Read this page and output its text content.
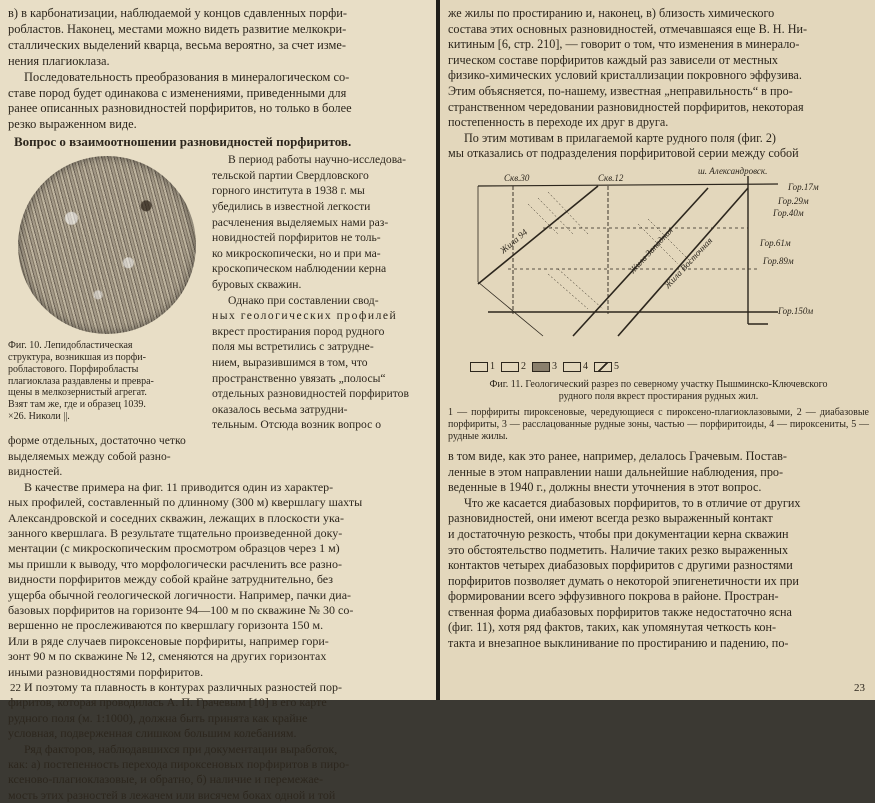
в) в карбонатизации, наблюдаемой у концов сдавленных порфи-

робластов. Наконец, местами можно видеть развитие мелкокри-

сталлических выделений кварца, весьма вероятно, за счет изме-

нения плагиоклаза.

Последовательность преобразования в минералогическом со-

ставе пород будет одинакова с изменениями, приведенными для

ранее описанных разновидностей порфиритов, но только в более

резко выраженном виде.

Вопрос о взаимоотношении разновидностей порфиритов.

Фиг. 10. Лепидобластическая

структура, возникшая из порфи-

робластового. Порфиробласты

плагиоклаза раздавлены и превра-

щены в мелкозернистый агрегат.

Взят там же, где и образец 1039.

×26. Николи ||.

В период работы научно-исследова-

тельской партии Свердловского

горного института в 1938 г. мы

убедились в известной легкости

расчленения выделяемых нами раз-

новидностей порфиритов не толь-

ко микроскопически, но и при ма-

кроскопическом наблюдении керна

буровых скважин.

Однако при составлении свод-

ных геологических профилей

вкрест простирания пород рудного

поля мы встретились с затрудне-

нием, выразившимся в том, что

пространственно увязать „полосы“

отдельных разновидностей порфиритов

оказалось весьма затрудни-

тельным. Отсюда возник вопрос о

форме отдельных, достаточно четко

выделяемых между собой разно-

видностей.

В качестве примера на фиг. 11 приводится один из характер-

ных профилей, составленный по длинному (300 м) квершлагу шахты

Александровской и соседних скважин, лежащих в плоскости ука-

занного квершлага. В результате тщательно произведенной доку-

ментации (с микроскопическим просмотром образцов через 1 м)

мы пришли к выводу, что морфологически расчленить все разно-

видности порфиритов между собой крайне затруднительно, без

ущерба обычной геологической логичности. Например, пачки диа-

базовых порфиритов на горизонте 94—100 м по скважине № 30 со-

вершенно не прослеживаются по квершлагу горизонта 150 м.

Или в ряде случаев пироксеновые порфириты, например гори-

зонт 90 м по скважине № 12, сменяются на других горизонтах

иными разновидностями порфиритов.

И поэтому та плавность в контурах различных разностей пор-

фиритов, которая проводилась А. П. Грачевым [10] в его карте

рудного поля (м. 1:1000), должна быть принята как крайне

условная, подверженная слишком большим колебаниям.

Ряд факторов, наблюдавшихся при документации выработок,

как: а) постепенность перехода пироксеновых порфиритов в пиро-

ксеново-плагиоклазовые, и обратно, б) наличие и перемежае-

мость этих разностей в лежачем или висячем боках одной и той

22

же жилы по простиранию и, наконец, в) близость химического

состава этих основных разновидностей, отмечавшаяся еще В. Н. Ни-

китиным [6, стр. 210], — говорит о том, что изменения в минерало-

гическом составе порфиритов каждый раз зависели от местных

физико-химических условий кристаллизации покровного эффузива.

Этим объясняется, по-нашему, известная „неправильность“ в про-

странственном чередовании разновидностей порфиритов, некоторая

постепенность в переходе их друг в друга.

По этим мотивам в прилагаемой карте рудного поля (фиг. 2)

мы отказались от подразделения порфиритовой серии между собой

ш. Александровск.
Скв.30	Скв.12
Гор.17м
Гор.29м
Гор.40м
Гор.61м
Гор.89м
Гор.150м
Жила 94	Жила Западная
Жила Восточная
1	2	3	4	5

Фиг. 11. Геологический разрез по северному участку Пышминско-Ключевского

рудного поля вкрест простирания рудных жил.

1 — порфириты пироксеновые, чередующиеся с пироксено-плагиоклазовыми, 2 — диабазовые порфириты, 3 — расслацованные рудные зоны, частью — порфиритоиды, 4 — пироксениты, 5 — рудные жилы.

в том виде, как это ранее, например, делалось Грачевым. Постав-

ленные в этом направлении наши дальнейшие наблюдения, про-

веденные в 1940 г., должны внести уточнения в этот вопрос.

Что же касается диабазовых порфиритов, то в отличие от других

разновидностей, они имеют всегда резко выраженный контакт

и достаточную резкость, чтобы при документации керна скважин

это обстоятельство подметить. Наличие таких резко выраженных

контактов четырех диабазовых порфиритов с другими разностями

порфиритов позволяет думать о некоторой эпигенетичности их при

формировании всего эффузивного покрова в районе. Простран-

ственная форма диабазовых порфиритов также недостаточно ясна

(фиг. 11), хотя ряд фактов, таких, как упомянутая четкость кон-

такта и внезапное выклинивание по простиранию и падению, по-

23
